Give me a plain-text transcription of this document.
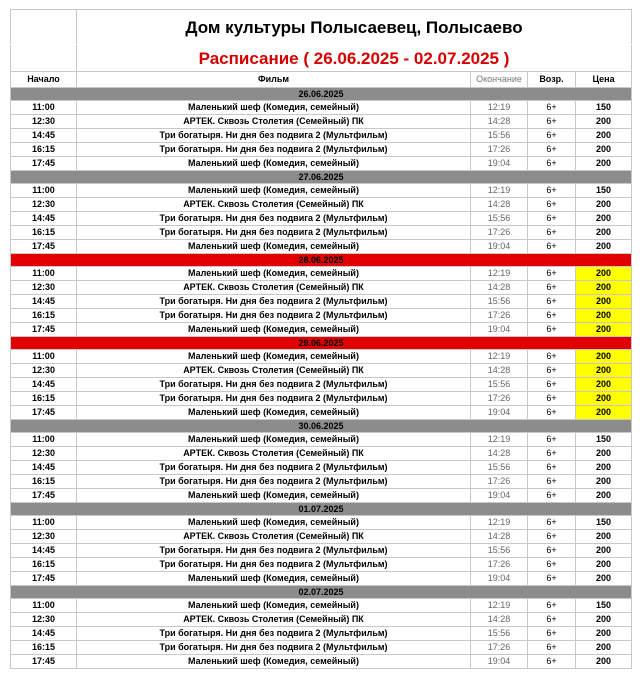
	Дом культуры Полысаевец, Полысаево			
	Расписание ( 26.06.2025 - 02.07.2025 )			
Начало	Фильм	Окончание	Возр.	Цена
26.06.2025				
11:00	Маленький шеф (Комедия, семейный)	12:19	6+	150
12:30	АРТЕК. Сквозь Столетия (Семейный) ПК	14:28	6+	200
14:45	Три богатыря. Ни дня без подвига 2 (Мультфильм)	15:56	6+	200
16:15	Три богатыря. Ни дня без подвига 2 (Мультфильм)	17:26	6+	200
17:45	Маленький шеф (Комедия, семейный)	19:04	6+	200
27.06.2025				
11:00	Маленький шеф (Комедия, семейный)	12:19	6+	150
12:30	АРТЕК. Сквозь Столетия (Семейный) ПК	14:28	6+	200
14:45	Три богатыря. Ни дня без подвига 2 (Мультфильм)	15:56	6+	200
16:15	Три богатыря. Ни дня без подвига 2 (Мультфильм)	17:26	6+	200
17:45	Маленький шеф (Комедия, семейный)	19:04	6+	200
28.06.2025				
11:00	Маленький шеф (Комедия, семейный)	12:19	6+	200
12:30	АРТЕК. Сквозь Столетия (Семейный) ПК	14:28	6+	200
14:45	Три богатыря. Ни дня без подвига 2 (Мультфильм)	15:56	6+	200
16:15	Три богатыря. Ни дня без подвига 2 (Мультфильм)	17:26	6+	200
17:45	Маленький шеф (Комедия, семейный)	19:04	6+	200
29.06.2025				
11:00	Маленький шеф (Комедия, семейный)	12:19	6+	200
12:30	АРТЕК. Сквозь Столетия (Семейный) ПК	14:28	6+	200
14:45	Три богатыря. Ни дня без подвига 2 (Мультфильм)	15:56	6+	200
16:15	Три богатыря. Ни дня без подвига 2 (Мультфильм)	17:26	6+	200
17:45	Маленький шеф (Комедия, семейный)	19:04	6+	200
30.06.2025				
11:00	Маленький шеф (Комедия, семейный)	12:19	6+	150
12:30	АРТЕК. Сквозь Столетия (Семейный) ПК	14:28	6+	200
14:45	Три богатыря. Ни дня без подвига 2 (Мультфильм)	15:56	6+	200
16:15	Три богатыря. Ни дня без подвига 2 (Мультфильм)	17:26	6+	200
17:45	Маленький шеф (Комедия, семейный)	19:04	6+	200
01.07.2025				
11:00	Маленький шеф (Комедия, семейный)	12:19	6+	150
12:30	АРТЕК. Сквозь Столетия (Семейный) ПК	14:28	6+	200
14:45	Три богатыря. Ни дня без подвига 2 (Мультфильм)	15:56	6+	200
16:15	Три богатыря. Ни дня без подвига 2 (Мультфильм)	17:26	6+	200
17:45	Маленький шеф (Комедия, семейный)	19:04	6+	200
02.07.2025				
11:00	Маленький шеф (Комедия, семейный)	12:19	6+	150
12:30	АРТЕК. Сквозь Столетия (Семейный) ПК	14:28	6+	200
14:45	Три богатыря. Ни дня без подвига 2 (Мультфильм)	15:56	6+	200
16:15	Три богатыря. Ни дня без подвига 2 (Мультфильм)	17:26	6+	200
17:45	Маленький шеф (Комедия, семейный)	19:04	6+	200
